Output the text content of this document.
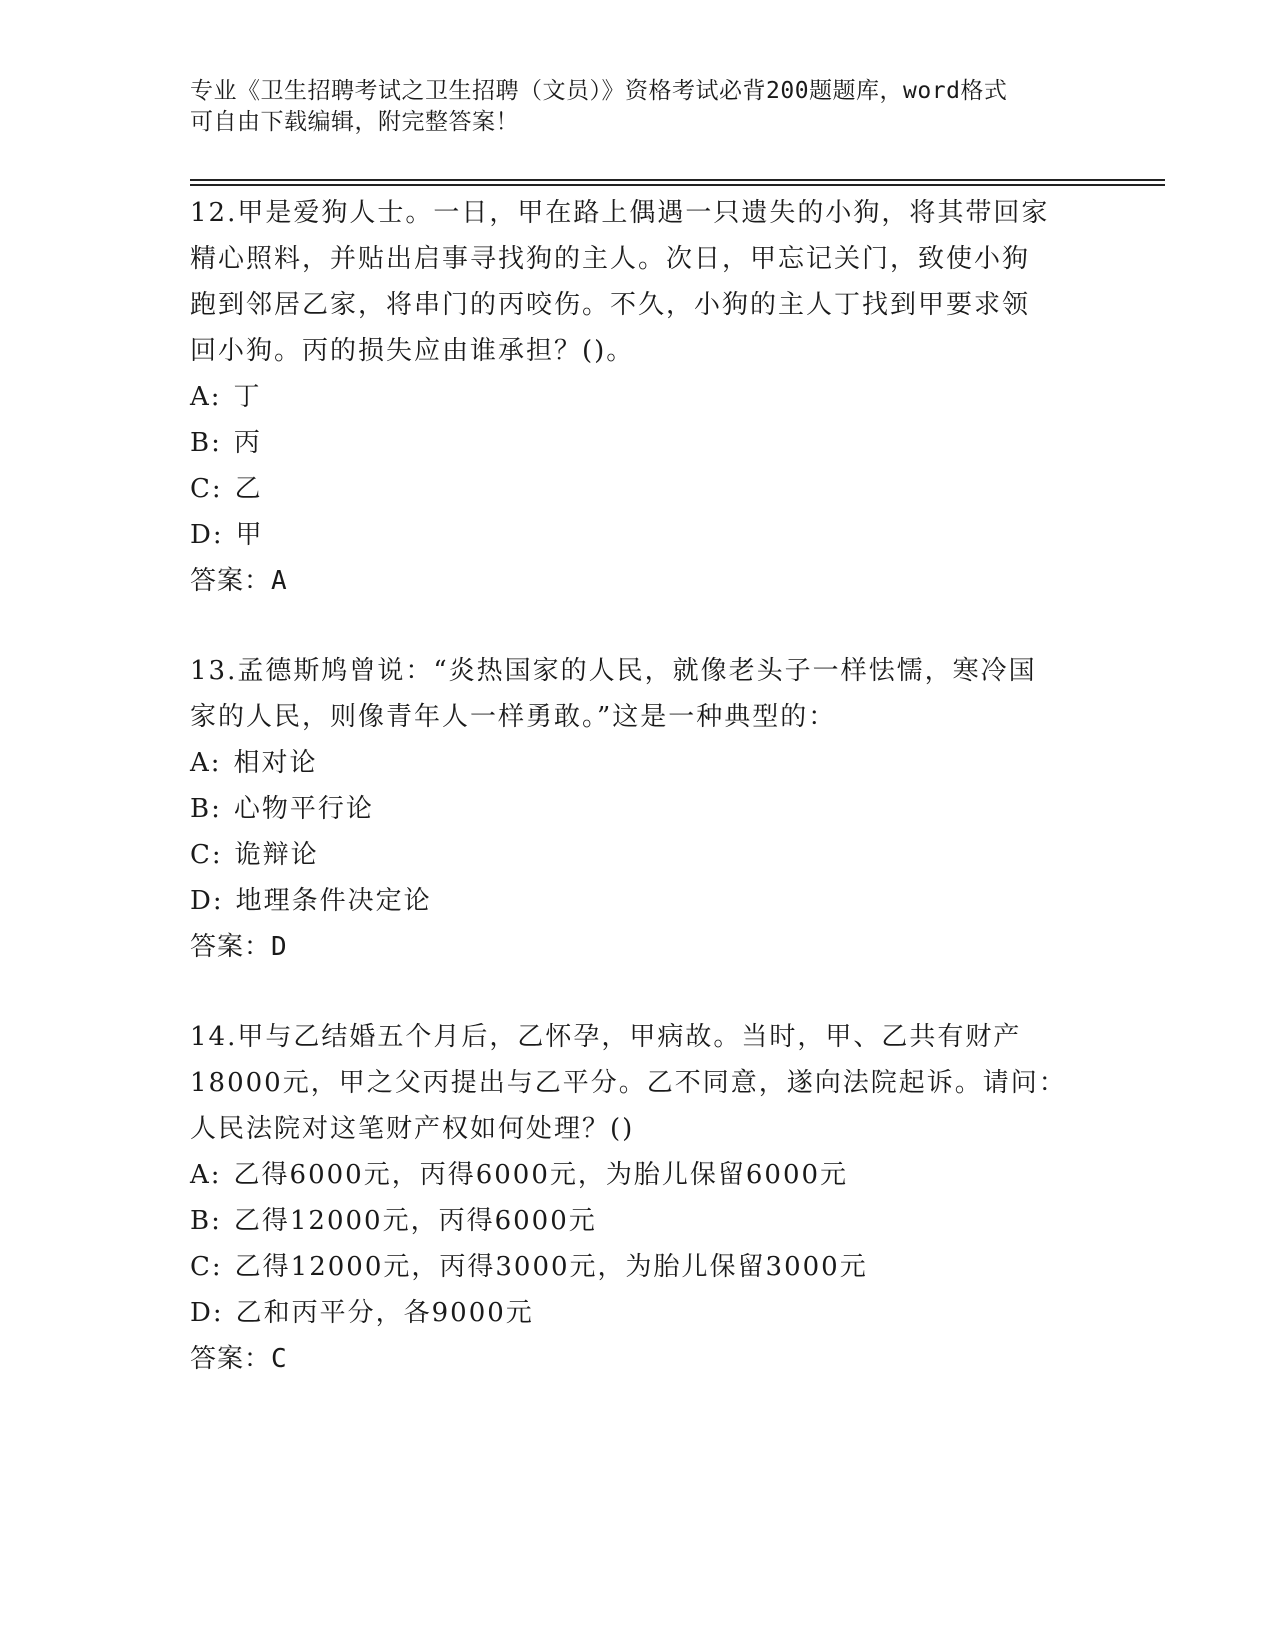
专业《卫生招聘考试之卫生招聘（文员）》资格考试必背200题题库，word格式
可自由下载编辑，附完整答案！
12.甲是爱狗人士。一日，甲在路上偶遇一只遗失的小狗，将其带回家
精心照料，并贴出启事寻找狗的主人。次日，甲忘记关门，致使小狗
跑到邻居乙家，将串门的丙咬伤。不久，小狗的主人丁找到甲要求领
回小狗。丙的损失应由谁承担？()。
A: 丁
B: 丙
C: 乙
D: 甲
答案：A
13.孟德斯鸠曾说：“炎热国家的人民，就像老头子一样怯懦，寒冷国
家的人民，则像青年人一样勇敢。”这是一种典型的：
A: 相对论
B: 心物平行论
C: 诡辩论
D: 地理条件决定论
答案：D
14.甲与乙结婚五个月后，乙怀孕，甲病故。当时，甲、乙共有财产
18000元，甲之父丙提出与乙平分。乙不同意，遂向法院起诉。请问：
人民法院对这笔财产权如何处理？()
A: 乙得6000元，丙得6000元，为胎儿保留6000元
B: 乙得12000元，丙得6000元
C: 乙得12000元，丙得3000元，为胎儿保留3000元
D: 乙和丙平分，各9000元
答案：C
